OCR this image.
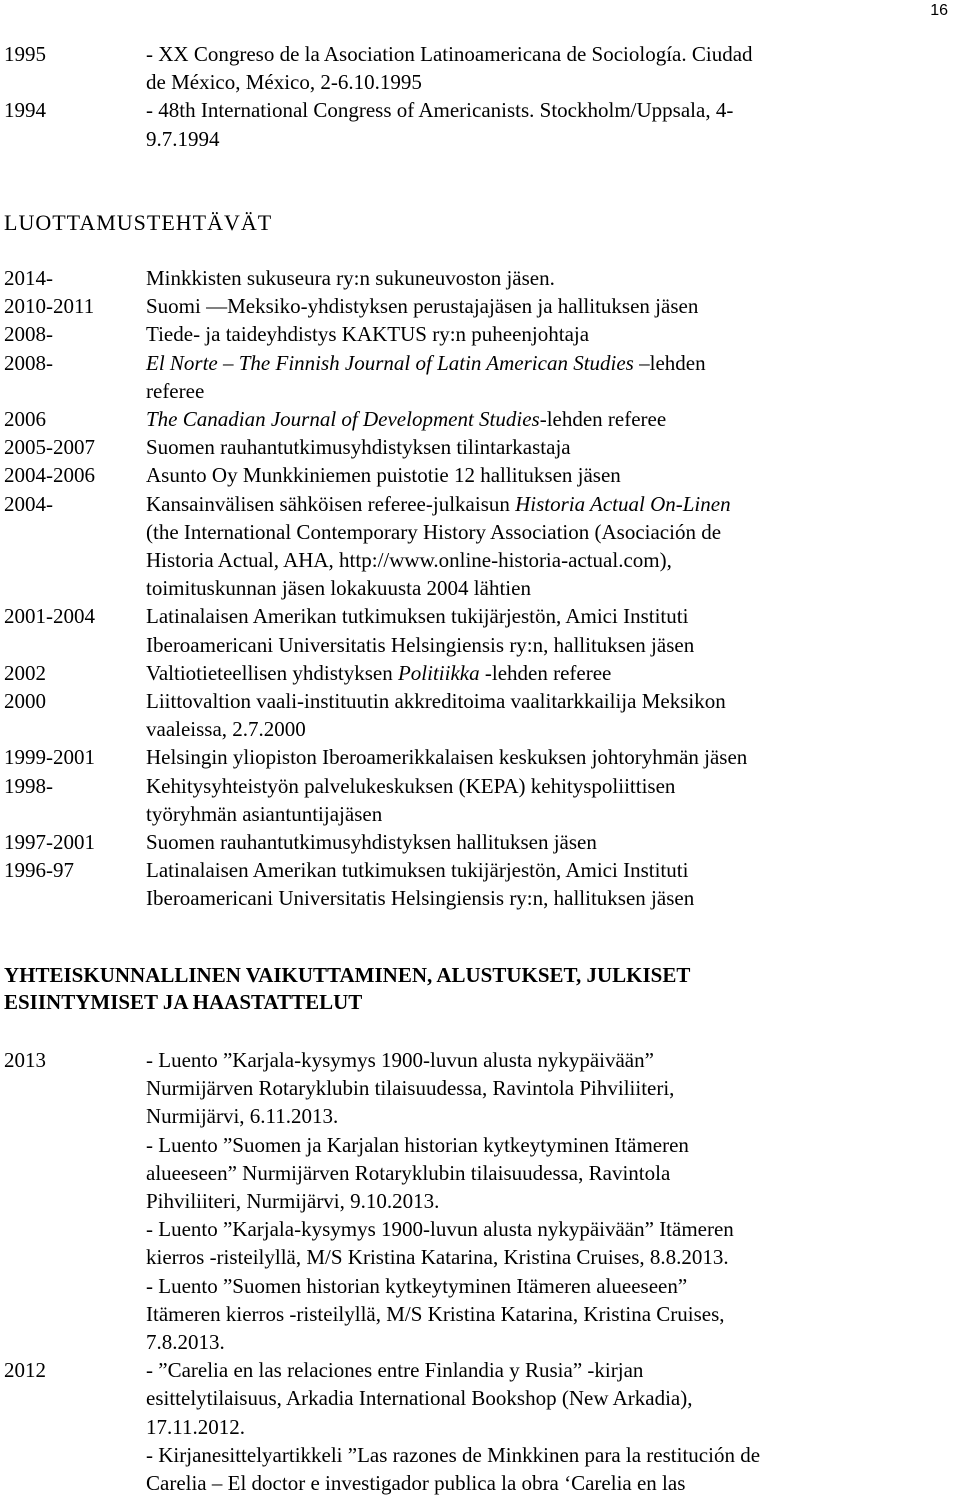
16
1995	- XX Congreso de la Asociation Latinoamericana de Sociología. Ciudad
de México, México, 2-6.10.1995
1994	- 48th International Congress of Americanists. Stockholm/Uppsala, 4-
9.7.1994
LUOTTAMUSTEHTÄVÄT
2014-	Minkkisten sukuseura ry:n sukuneuvoston jäsen.
2010-2011	Suomi —Meksiko-yhdistyksen perustajajäsen ja hallituksen jäsen
2008-	Tiede- ja taideyhdistys KAKTUS ry:n puheenjohtaja
2008-	El Norte – The Finnish Journal of Latin American Studies –lehden
referee
2006	The Canadian Journal of Development Studies-lehden referee
2005-2007	Suomen rauhantutkimusyhdistyksen tilintarkastaja
2004-2006	Asunto Oy Munkkiniemen puistotie 12 hallituksen jäsen
2004-	Kansainvälisen sähköisen referee-julkaisun Historia Actual On-Linen
(the International Contemporary History Association (Asociación de
Historia Actual, AHA, http://www.online-historia-actual.com),
toimituskunnan jäsen lokakuusta 2004 lähtien
2001-2004	Latinalaisen Amerikan tutkimuksen tukijärjestön, Amici Instituti
Iberoamericani Universitatis Helsingiensis ry:n, hallituksen jäsen
2002	Valtiotieteellisen yhdistyksen Politiikka -lehden referee
2000	Liittovaltion vaali-instituutin akkreditoima vaalitarkkailija Meksikon
vaaleissa, 2.7.2000
1999-2001	Helsingin yliopiston Iberoamerikkalaisen keskuksen johtoryhmän jäsen
1998-	Kehitysyhteistyön palvelukeskuksen (KEPA) kehityspoliittisen
työryhmän asiantuntijajäsen
1997-2001	Suomen rauhantutkimusyhdistyksen hallituksen jäsen
1996-97	Latinalaisen Amerikan tutkimuksen tukijärjestön, Amici Instituti
Iberoamericani Universitatis Helsingiensis ry:n, hallituksen jäsen
YHTEISKUNNALLINEN VAIKUTTAMINEN, ALUSTUKSET, JULKISET
ESIINTYMISET JA HAASTATTELUT
2013	- Luento ”Karjala-kysymys 1900-luvun alusta nykypäivään”
Nurmijärven Rotaryklubin tilaisuudessa, Ravintola Pihviliiteri,
Nurmijärvi, 6.11.2013.
- Luento ”Suomen ja Karjalan historian kytkeytyminen Itämeren
alueeseen” Nurmijärven Rotaryklubin tilaisuudessa, Ravintola
Pihviliiteri, Nurmijärvi, 9.10.2013.
- Luento ”Karjala-kysymys 1900-luvun alusta nykypäivään” Itämeren
kierros -risteilyllä, M/S Kristina Katarina, Kristina Cruises, 8.8.2013.
- Luento ”Suomen historian kytkeytyminen Itämeren alueeseen”
Itämeren kierros -risteilyllä, M/S Kristina Katarina, Kristina Cruises,
7.8.2013.
2012	- ”Carelia en las relaciones entre Finlandia y Rusia” -kirjan
esittelytilaisuus, Arkadia International Bookshop (New Arkadia),
17.11.2012.
- Kirjanesittelyartikkeli ”Las razones de Minkkinen para la restitución de
Carelia – El doctor e investigador publica la obra ‘Carelia en las
